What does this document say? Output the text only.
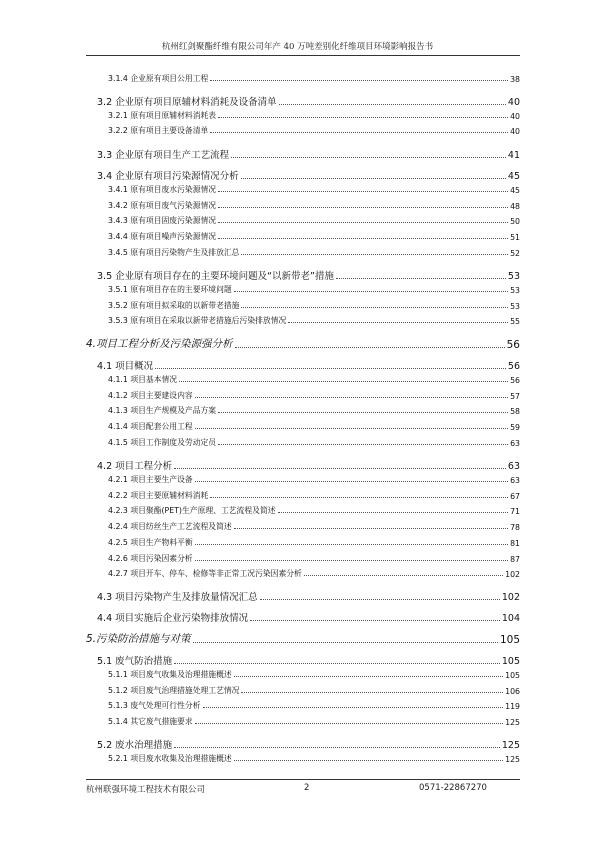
杭州红剑聚酯纤维有限公司年产 40 万吨差别化纤维项目环境影响报告书
3.1.4 企业原有项目公用工程	38
3.2 企业原有项目原辅材料消耗及设备清单	40
3.2.1 原有项目原辅材料消耗表	40
3.2.2 原有项目主要设备清单	40
3.3 企业原有项目生产工艺流程	41
3.4 企业原有项目污染源情况分析	45
3.4.1 原有项目废水污染源情况	45
3.4.2 原有项目废气污染源情况	48
3.4.3 原有项目固废污染源情况	50
3.4.4 原有项目噪声污染源情况	51
3.4.5 原有项目污染物产生及排放汇总	52
3.5 企业原有项目存在的主要环境问题及“以新带老”措施	53
3.5.1 原有项目存在的主要环境问题	53
3.5.2 原有项目拟采取的以新带老措施	53
3.5.3 原有项目在采取以新带老措施后污染排放情况	55
4.项目工程分析及污染源强分析	56
4.1 项目概况	56
4.1.1 项目基本情况	56
4.1.2 项目主要建设内容	57
4.1.3 项目生产规模及产品方案	58
4.1.4 项目配套公用工程	59
4.1.5 项目工作制度及劳动定员	63
4.2 项目工程分析	63
4.2.1 项目主要生产设备	63
4.2.2 项目主要原辅材料消耗	67
4.2.3 项目聚酯(PET)生产原理、工艺流程及简述	71
4.2.4 项目纺丝生产工艺流程及简述	78
4.2.5 项目生产物料平衡	81
4.2.6 项目污染因素分析	87
4.2.7 项目开车、停车、检修等非正常工况污染因素分析	102
4.3 项目污染物产生及排放量情况汇总	102
4.4 项目实施后企业污染物排放情况	104
5.污染防治措施与对策	105
5.1 废气防治措施	105
5.1.1 项目废气收集及治理措施概述	105
5.1.2 项目废气治理措施处理工艺情况	106
5.1.3 废气处理可行性分析	119
5.1.4 其它废气措施要求	125
5.2 废水治理措施	125
5.2.1 项目废水收集及治理措施概述	125
杭州联强环境工程技术有限公司	2	0571-22867270
